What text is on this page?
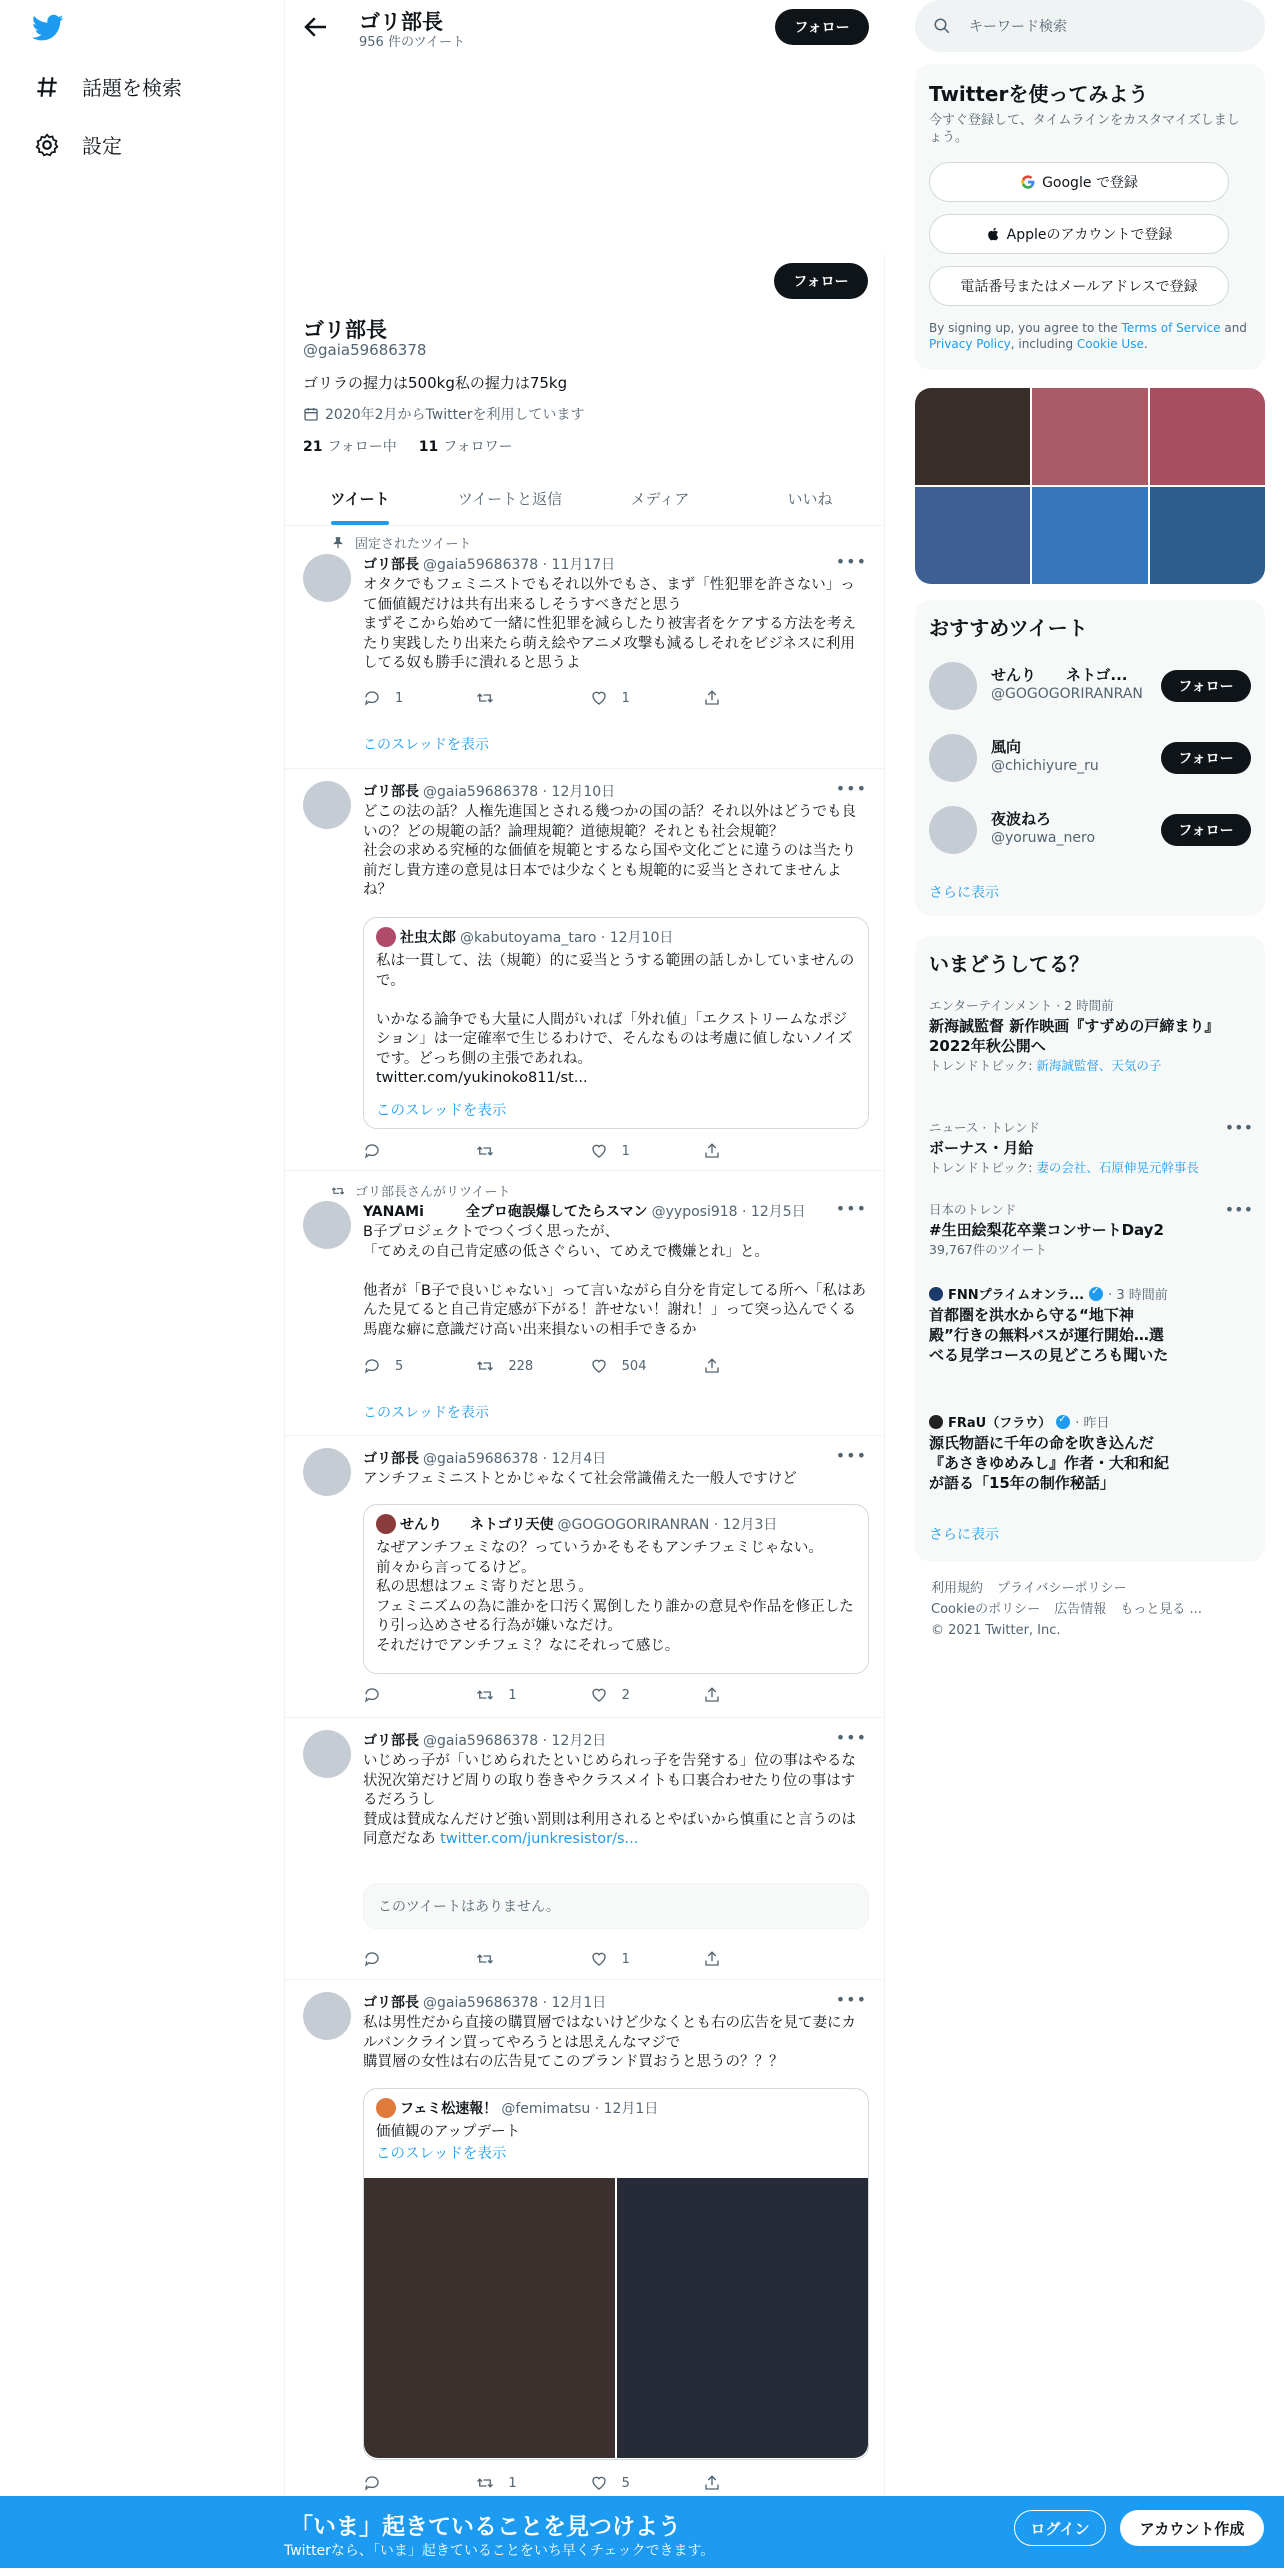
話題を検索
設定
ゴリ部長
956 件のツイート
フォロー
フォロー
ゴリ部長
@gaia59686378
ゴリラの握力は500kg私の握力は75kg
2020年2月からTwitterを利用しています
21 フォロー中 11 フォロワー
ツイート	ツイートと返信	メディア	いいね
固定されたツイート
ゴリ部長 @gaia59686378 · 11月17日	•••
オタクでもフェミニストでもそれ以外でもさ、まず「性犯罪を許さない」って価値観だけは共有出来るしそうすべきだと思う
まずそこから始めて一緒に性犯罪を減らしたり被害者をケアする方法を考えたり実践したり出来たら萌え絵やアニメ攻撃も減るしそれをビジネスに利用してる奴も勝手に潰れると思うよ
1	1
このスレッドを表示
ゴリ部長 @gaia59686378 · 12月10日	•••
どこの法の話？人権先進国とされる幾つかの国の話？それ以外はどうでも良いの？どの規範の話？論理規範？道徳規範？それとも社会規範？
社会の求める究極的な価値を規範とするなら国や文化ごとに違うのは当たり前だし貴方達の意見は日本では少なくとも規範的に妥当とされてませんよね？
社虫太郎 @kabutoyama_taro · 12月10日
私は一貫して、法（規範）的に妥当とうする範囲の話しかしていませんので。

いかなる論争でも大量に人間がいれば「外れ値」「エクストリームなポジション」は一定確率で生じるわけで、そんなものは考慮に値しないノイズです。どっち側の主張であれね。
twitter.com/yukinoko811/st...
このスレッドを表示
1
ゴリ部長さんがリツイート
YANAMi　　　全プロ砲誤爆してたらスマン @yyposi918 · 12月5日	•••
B子プロジェクトでつくづく思ったが、
「てめえの自己肯定感の低さぐらい、てめえで機嫌とれ」と。

他者が「B子で良いじゃない」って言いながら自分を肯定してる所へ「私はあんた見てると自己肯定感が下がる！許せない！謝れ！」って突っ込んでくる馬鹿な癖に意識だけ高い出来損ないの相手できるか
5	228	504
このスレッドを表示
ゴリ部長 @gaia59686378 · 12月4日	•••
アンチフェミニストとかじゃなくて社会常識備えた一般人ですけど
せんり　　ネトゴリ天使 @GOGOGORIRANRAN · 12月3日
なぜアンチフェミなの？っていうかそもそもアンチフェミじゃない。
前々から言ってるけど。
私の思想はフェミ寄りだと思う。
フェミニズムの為に誰かを口汚く罵倒したり誰かの意見や作品を修正したり引っ込めさせる行為が嫌いなだけ。
それだけでアンチフェミ？なにそれって感じ。
1	2
ゴリ部長 @gaia59686378 · 12月2日	•••
いじめっ子が「いじめられたといじめられっ子を告発する」位の事はやるな
状況次第だけど周りの取り巻きやクラスメイトも口裏合わせたり位の事はするだろうし
賛成は賛成なんだけど強い罰則は利用されるとやばいから慎重にと言うのは同意だなあ twitter.com/junkresistor/s...
このツイートはありません。
1
ゴリ部長 @gaia59686378 · 12月1日	•••
私は男性だから直接の購買層ではないけど少なくとも右の広告を見て妻にカルバンクライン買ってやろうとは思えんなマジで
購買層の女性は右の広告見てこのブランド買おうと思うの？？？
フェミ松速報！ @femimatsu · 12月1日
価値観のアップデート
このスレッドを表示
1	5
キーワード検索
Twitterを使ってみよう
今すぐ登録して、タイムラインをカスタマイズしましょう。
Google で登録
Appleのアカウントで登録
電話番号またはメールアドレスで登録
By signing up, you agree to the Terms of Service and Privacy Policy, including Cookie Use.
おすすめツイート
せんり　　ネトゴ...
@GOGOGORIRANRAN	フォロー
風向
@chichiyure_ru	フォロー
夜波ねろ
@yoruwa_nero	フォロー
さらに表示
いまどうしてる？
エンターテインメント · 2 時間前
新海誠監督 新作映画『すずめの戸締まり』2022年秋公開へ
トレンドトピック: 新海誠監督、天気の子
ニュース · トレンド
ボーナス・月給
トレンドトピック: 妻の会社、石原伸晃元幹事長
•••
日本のトレンド
#生田絵梨花卒業コンサートDay2
39,767件のツイート
•••
FNNプライムオンラ... ✓ · 3 時間前
首都圏を洪水から守る“地下神殿”行きの無料バスが運行開始…選べる見学コースの見どころも聞いた
FRaU（フラウ） ✓ · 昨日
源氏物語に千年の命を吹き込んだ『あさきゆめみし』作者・大和和紀が語る「15年の制作秘話」
さらに表示
利用規約 プライバシーポリシー
Cookieのポリシー 広告情報 もっと見る ...
© 2021 Twitter, Inc.
「いま」起きていることを見つけよう
Twitterなら、「いま」起きていることをいち早くチェックできます。
ログイン	アカウント作成
